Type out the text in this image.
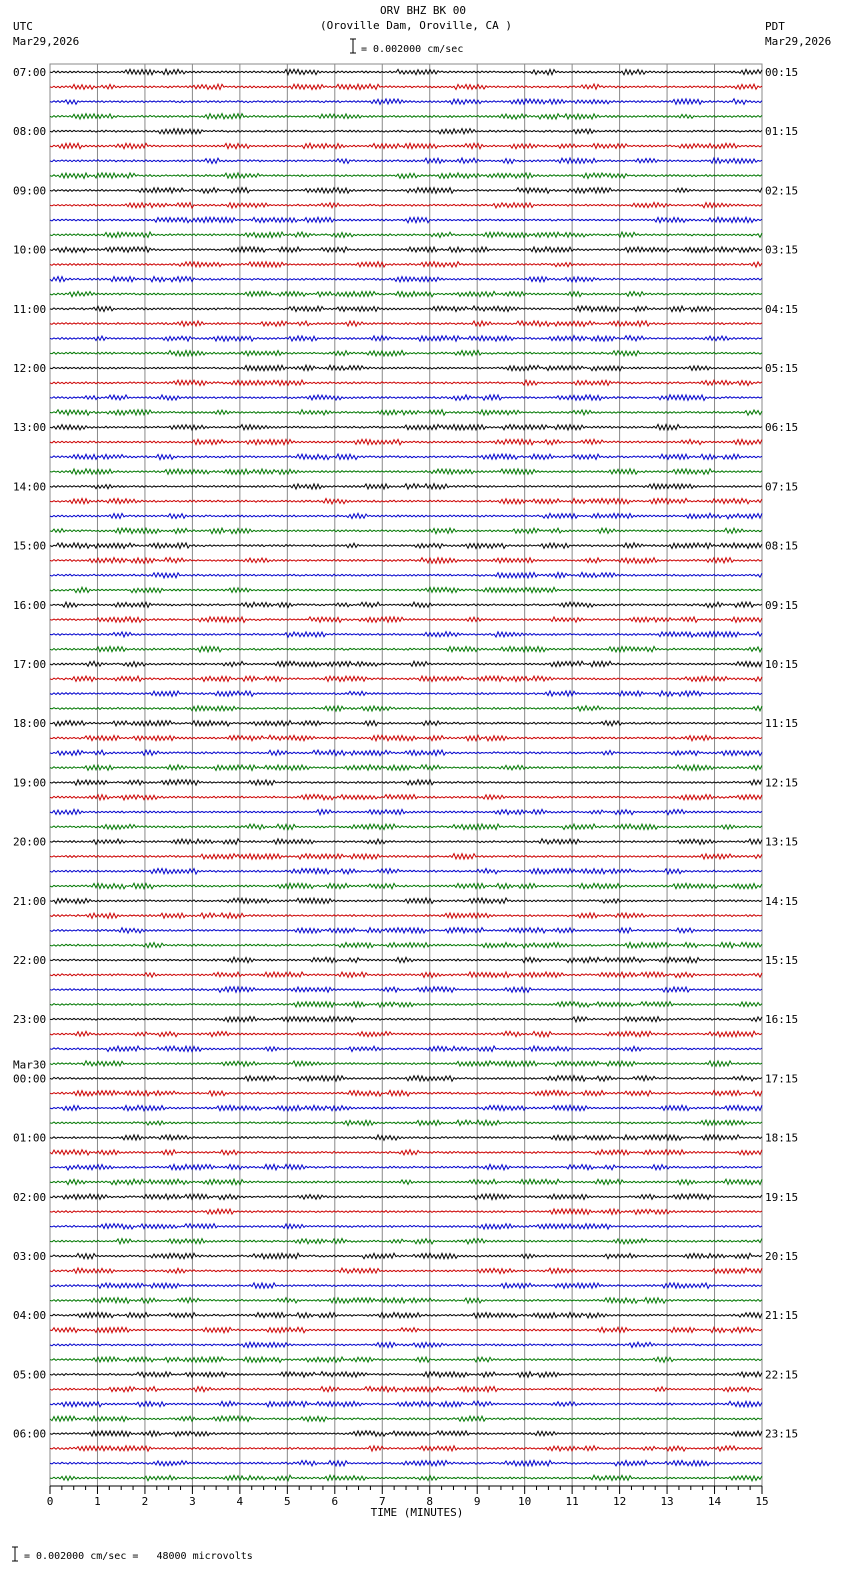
ORV BHZ BK 00
(Oroville Dam, Oroville, CA )
= 0.002000 cm/sec
UTC
Mar29,2026
PDT
Mar29,2026
07:00
08:00
09:00
10:00
11:00
12:00
13:00
14:00
15:00
16:00
17:00
18:00
19:00
20:00
21:00
22:00
23:00
00:00
Mar30
01:00
02:00
03:00
04:00
05:00
06:00
00:15
01:15
02:15
03:15
04:15
05:15
06:15
07:15
08:15
09:15
10:15
11:15
12:15
13:15
14:15
15:15
16:15
17:15
18:15
19:15
20:15
21:15
22:15
23:15
0	1	2	3	4	5	6	7	8	9	10	11	12	13	14	15
TIME (MINUTES)
= 0.002000 cm/sec =   48000 microvolts
